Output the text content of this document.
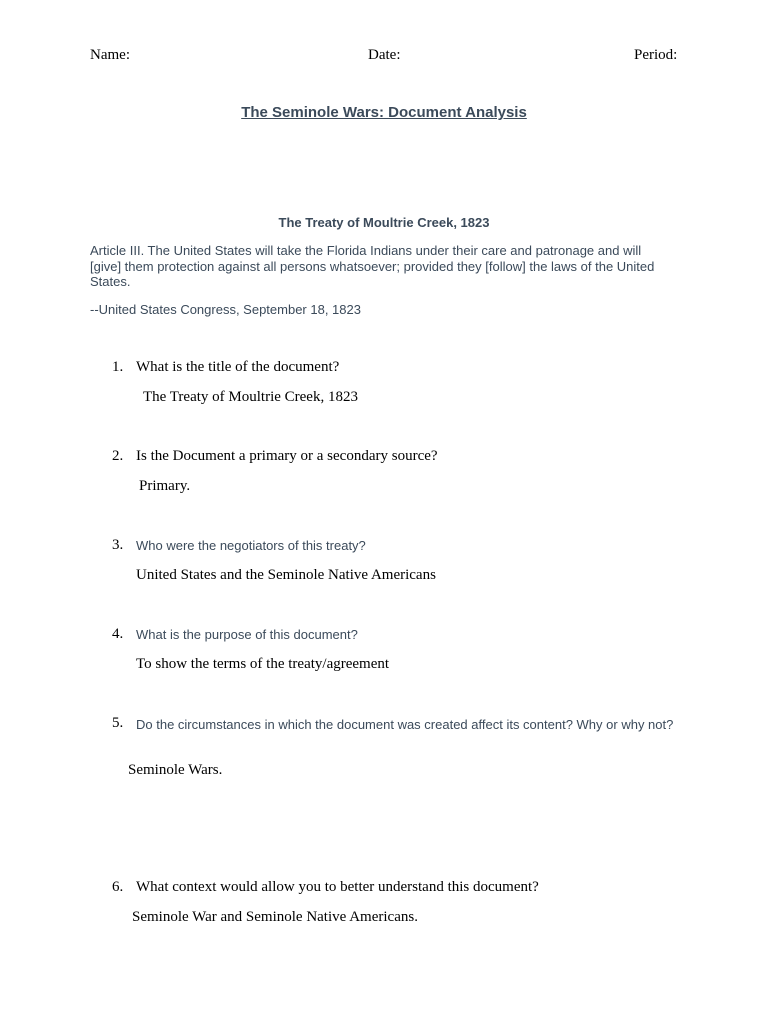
Name:	Date:	Period:
The Seminole Wars: Document Analysis
The Treaty of Moultrie Creek, 1823
Article III. The United States will take the Florida Indians under their care and patronage and will [give] them protection against all persons whatsoever; provided they [follow] the laws of the United States.
--United States Congress, September 18, 1823
1. What is the title of the document?
The Treaty of Moultrie Creek, 1823
2. Is the Document a primary or a secondary source?
Primary.
3. Who were the negotiators of this treaty?
United States and the Seminole Native Americans
4. What is the purpose of this document?
To show the terms of the treaty/agreement
5. Do the circumstances in which the document was created affect its content? Why or why not?
Seminole Wars.
6. What context would allow you to better understand this document?
Seminole War and Seminole Native Americans.
